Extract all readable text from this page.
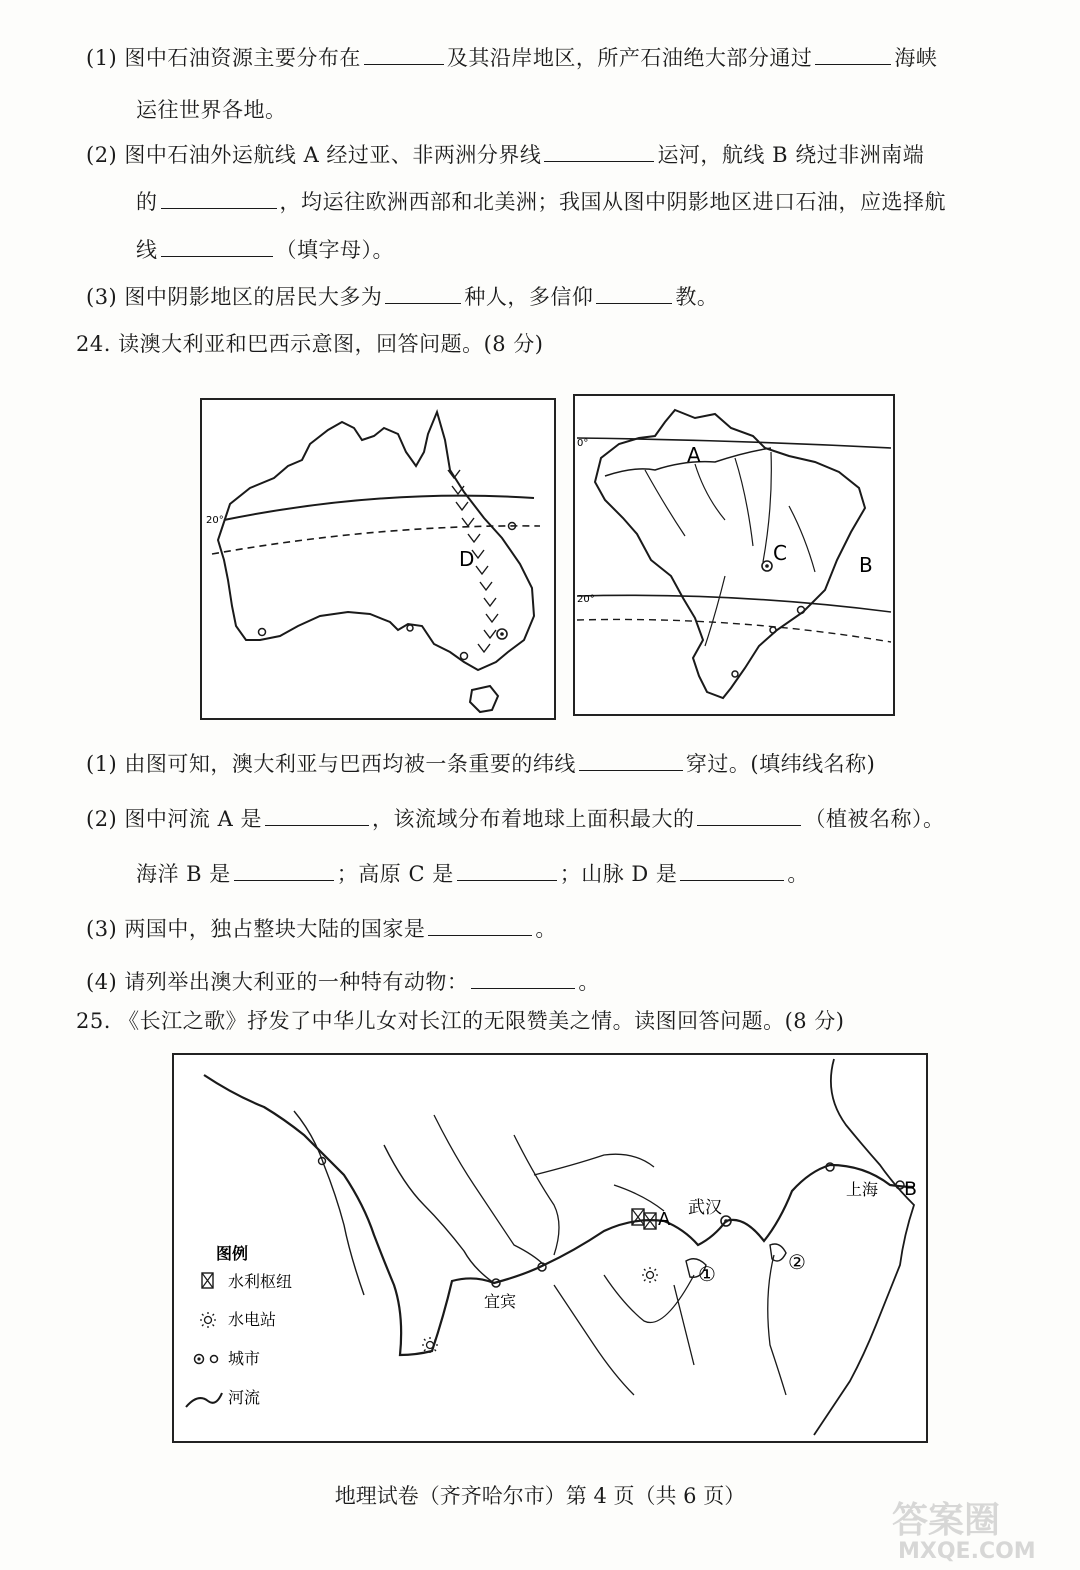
(1) 图中石油资源主要分布在	及其沿岸地区，所产石油绝大部分通过	海峡
运往世界各地。
(2) 图中石油外运航线 A 经过亚、非两洲分界线	运河，航线 B 绕过非洲南端
的	，均运往欧洲西部和北美洲；我国从图中阴影地区进口石油，应选择航
线	（填字母）。
(3) 图中阴影地区的居民大多为	种人，多信仰	教。
24. 读澳大利亚和巴西示意图，回答问题。(8 分)
20°
D
0°
20°
A
B
C
(1) 由图可知，澳大利亚与巴西均被一条重要的纬线	穿过。(填纬线名称)
(2) 图中河流 A 是	，该流域分布着地球上面积最大的	（植被名称）。
海洋 B 是	；高原 C 是	；山脉 D 是	。
(3) 两国中，独占整块大陆的国家是	。
(4) 请列举出澳大利亚的一种特有动物：	。
25. 《长江之歌》抒发了中华儿女对长江的无限赞美之情。读图回答问题。(8 分)
A
武汉
上海 B
宜宾
①	②
图例
水利枢纽
水电站
城市
河流
地理试卷（齐齐哈尔市）第 4 页（共 6 页）
答案圈
MXQE.COM
